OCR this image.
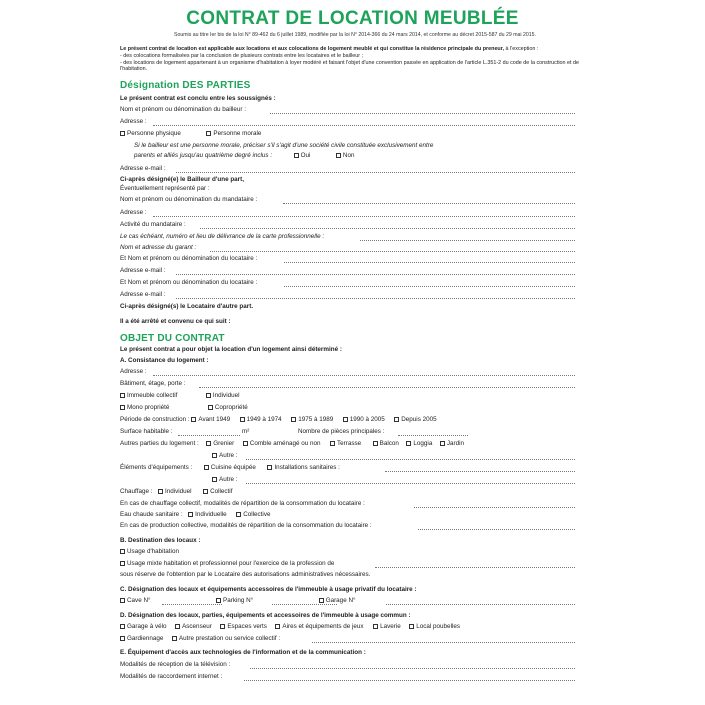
CONTRAT DE LOCATION MEUBLÉE
Soumis au titre Ier bis de la loi N° 89-462 du 6 juillet 1989, modifiée par la loi N° 2014-366 du 24 mars 2014, et conforme au décret 2015-587 du 29 mai 2015.
Le présent contrat de location est applicable aux locations et aux colocations de logement meublé et qui constitue la résidence principale du preneur, à l'exception :
- des colocations formalisées par la conclusion de plusieurs contrats entre les locataires et le bailleur ;
- des locations de logement appartenant à un organisme d'habitation à loyer modéré et faisant l'objet d'une convention passée en application de l'article L.351-2 du code de la construction et de l'habitation.
Désignation DES PARTIES
Le présent contrat est conclu entre les soussignés :
Nom et prénom ou dénomination du bailleur :
Adresse :
Personne physique	Personne morale
Si le bailleur est une personne morale, préciser s'il s'agit d'une société civile constituée exclusivement entre
parents et alliés jusqu'au quatrième degré inclus :	Oui	Non
Adresse e-mail :
Ci-après désigné(e) le Bailleur d'une part,
Éventuellement représenté par :
Nom et prénom ou dénomination du mandataire :
Adresse :
Activité du mandataire :
Le cas échéant, numéro et lieu de délivrance de la carte professionnelle :
Nom et adresse du garant :
Et Nom et prénom ou dénomination du locataire :
Adresse e-mail :
Et Nom et prénom ou dénomination du locataire :
Adresse e-mail :
Ci-après désigné(s) le Locataire d'autre part.
Il a été arrêté et convenu ce qui suit :
OBJET DU CONTRAT
Le présent contrat a pour objet la location d'un logement ainsi déterminé :
A. Consistance du logement :
Adresse :
Bâtiment, étage, porte :
Immeuble collectif	Individuel
Mono propriété	Copropriété
Période de construction : Avant 1949	1949 à 1974	1975 à 1989	1990 à 2005	Depuis 2005
Surface habitable :	m²	Nombre de pièces principales :
Autres parties du logement : Grenier Comble aménagé ou non	Terrasse	Balcon Loggia Jardin
Autre :
Éléments d'équipements :	Cuisine équipée	Installations sanitaires :
Autre :
Chauffage : Individuel	Collectif
En cas de chauffage collectif, modalités de répartition de la consommation du locataire :
Eau chaude sanitaire : Individuelle	Collective
En cas de production collective, modalités de répartition de la consommation du locataire :
B. Destination des locaux :
Usage d'habitation
Usage mixte habitation et professionnel pour l'exercice de la profession de
sous réserve de l'obtention par le Locataire des autorisations administratives nécessaires.
C. Désignation des locaux et équipements accessoires de l'immeuble à usage privatif du locataire :
Cave N°	Parking N°	Garage N°
D. Désignation des locaux, parties, équipements et accessoires de l'immeuble à usage commun :
Garage à vélo Ascenseur Espaces verts Aires et équipements de jeux	Laverie Local poubelles
Gardiennage Autre prestation ou service collectif :
E. Équipement d'accès aux technologies de l'information et de la communication :
Modalités de réception de la télévision :
Modalités de raccordement internet :
